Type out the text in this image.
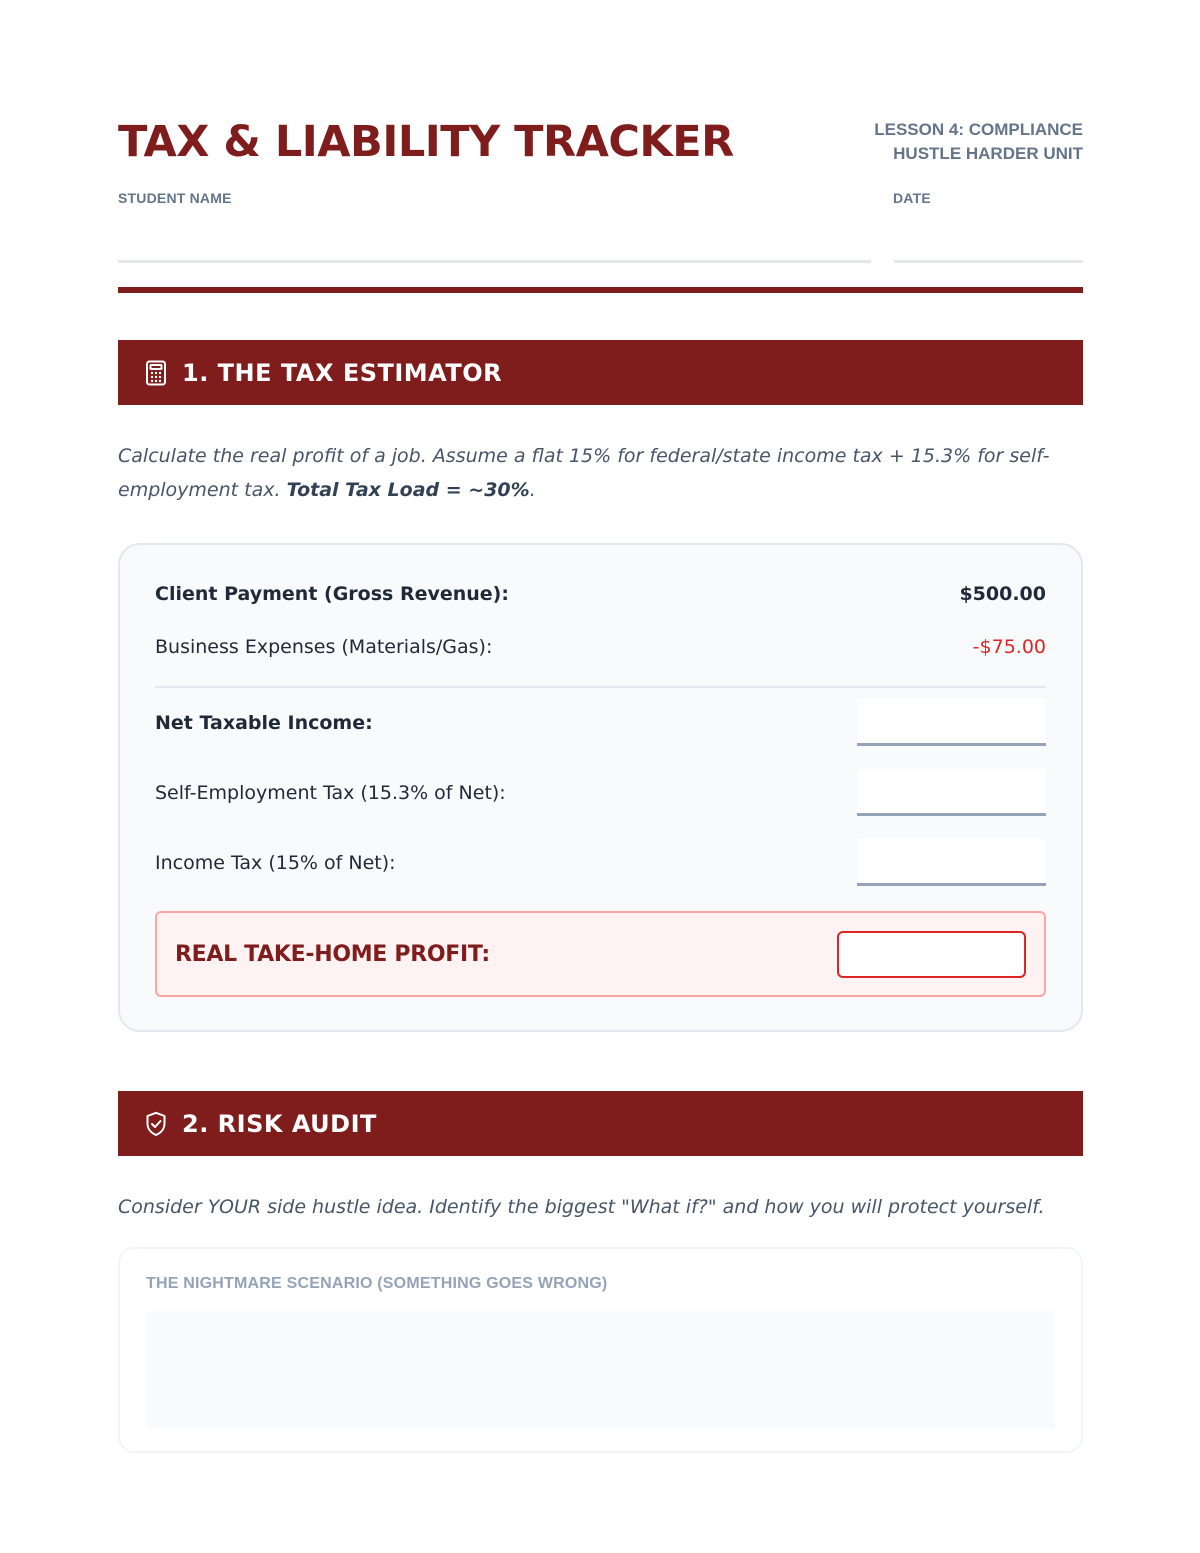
TAX & LIABILITY TRACKER	LESSON 4: COMPLIANCE
HUSTLE HARDER UNIT
STUDENT NAME	DATE
1. THE TAX ESTIMATOR

Calculate the real profit of a job. Assume a flat 15% for federal/state income tax + 15.3% for self-employment tax. Total Tax Load = ~30%.

Client Payment (Gross Revenue):	$500.00
Business Expenses (Materials/Gas):	-$75.00
Net Taxable Income:
Self-Employment Tax (15.3% of Net):
Income Tax (15% of Net):
REAL TAKE-HOME PROFIT:
2. RISK AUDIT

Consider YOUR side hustle idea. Identify the biggest "What if?" and how you will protect yourself.

THE NIGHTMARE SCENARIO (SOMETHING GOES WRONG)
